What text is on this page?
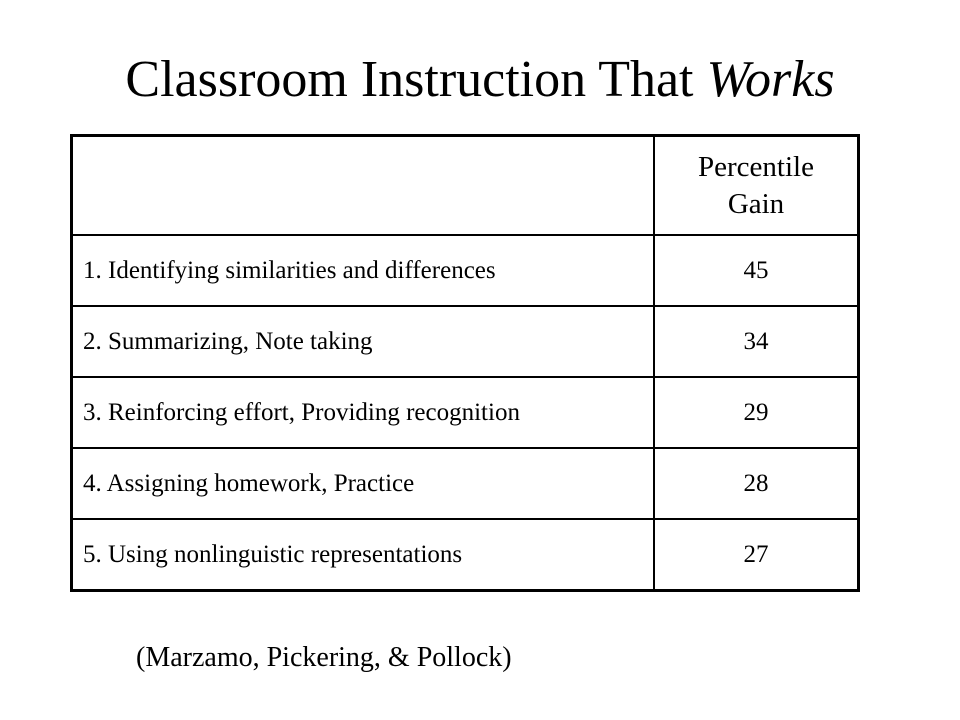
Classroom Instruction That Works

	Percentile
Gain

1. Identifying similarities and differences	45
2. Summarizing, Note taking	34
3. Reinforcing effort, Providing recognition	29
4. Assigning homework, Practice	28
5. Using nonlinguistic representations	27
(Marzamo, Pickering, & Pollock)
